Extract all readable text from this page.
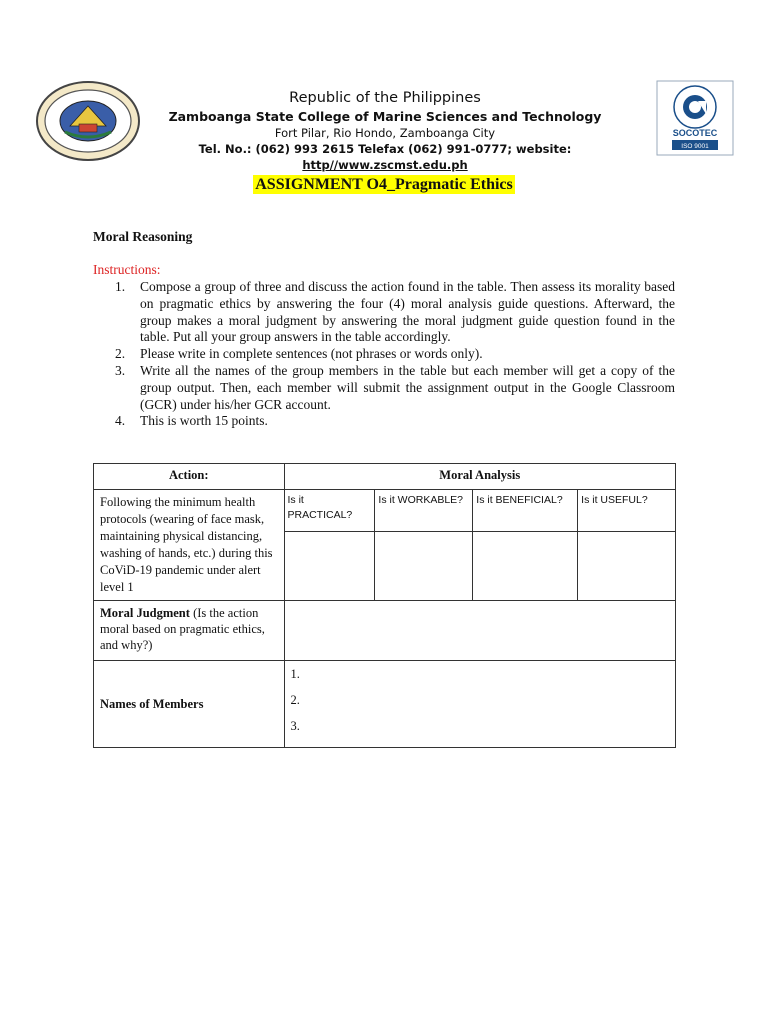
Republic of the Philippines
Zamboanga State College of Marine Sciences and Technology
Fort Pilar, Rio Hondo, Zamboanga City
Tel. No.: (062) 993 2615 Telefax (062) 991-0777; website: http//www.zscmst.edu.ph
SOCOTEC
ISO 9001
ASSIGNMENT O4_Pragmatic Ethics
Moral Reasoning
Instructions:
1. Compose a group of three and discuss the action found in the table. Then assess its morality based on pragmatic ethics by answering the four (4) moral analysis guide questions. Afterward, the group makes a moral judgment by answering the moral judgment guide question found in the table. Put all your group answers in the table accordingly.
2. Please write in complete sentences (not phrases or words only).
3. Write all the names of the group members in the table but each member will get a copy of the group output. Then, each member will submit the assignment output in the Google Classroom (GCR) under his/her GCR account.
4. This is worth 15 points.
Action:	Moral Analysis			
Following the minimum health protocols (wearing of face mask, maintaining physical distancing, washing of hands, etc.) during this CoViD-19 pandemic under alert level 1	Is it PRACTICAL?	Is it WORKABLE?	Is it BENEFICIAL?	Is it USEFUL?

Moral Judgment (Is the action moral based on pragmatic ethics, and why?)				
Names of Members	1.
2.
3.			
